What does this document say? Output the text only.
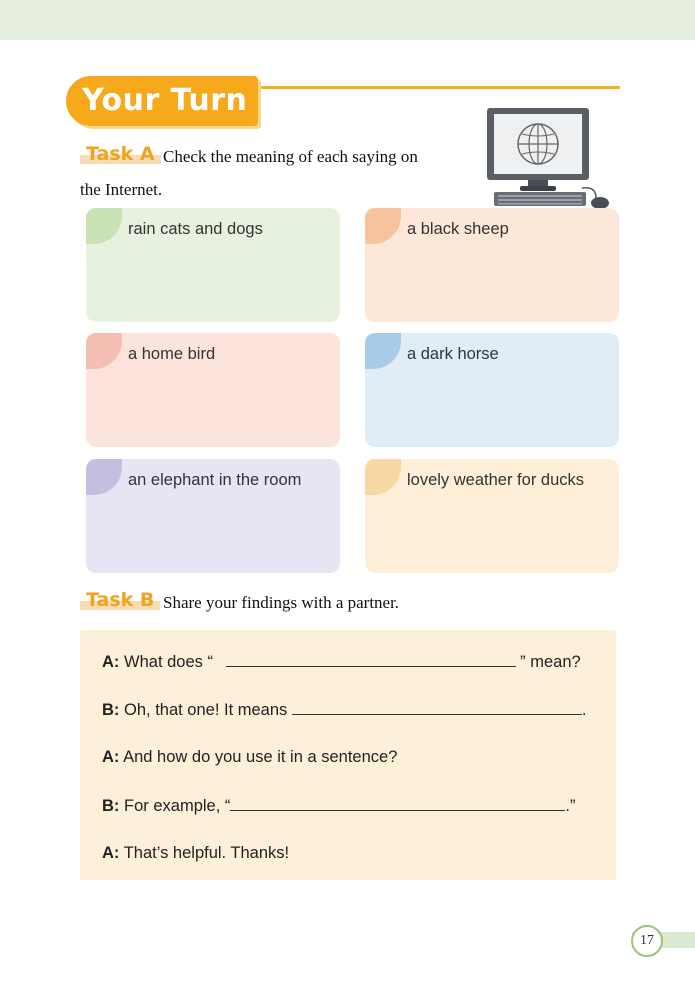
Your Turn
Task A Check the meaning of each saying on
the Internet.
rain cats and dogs	a black sheep
a home bird	a dark horse
an elephant in the room	lovely weather for ducks
Task B Share your findings with a partner.
A: What does “	” mean?
B: Oh, that one! It means	.
A: And how do you use it in a sentence?
B: For example, “	.”
A: That’s helpful. Thanks!
17
